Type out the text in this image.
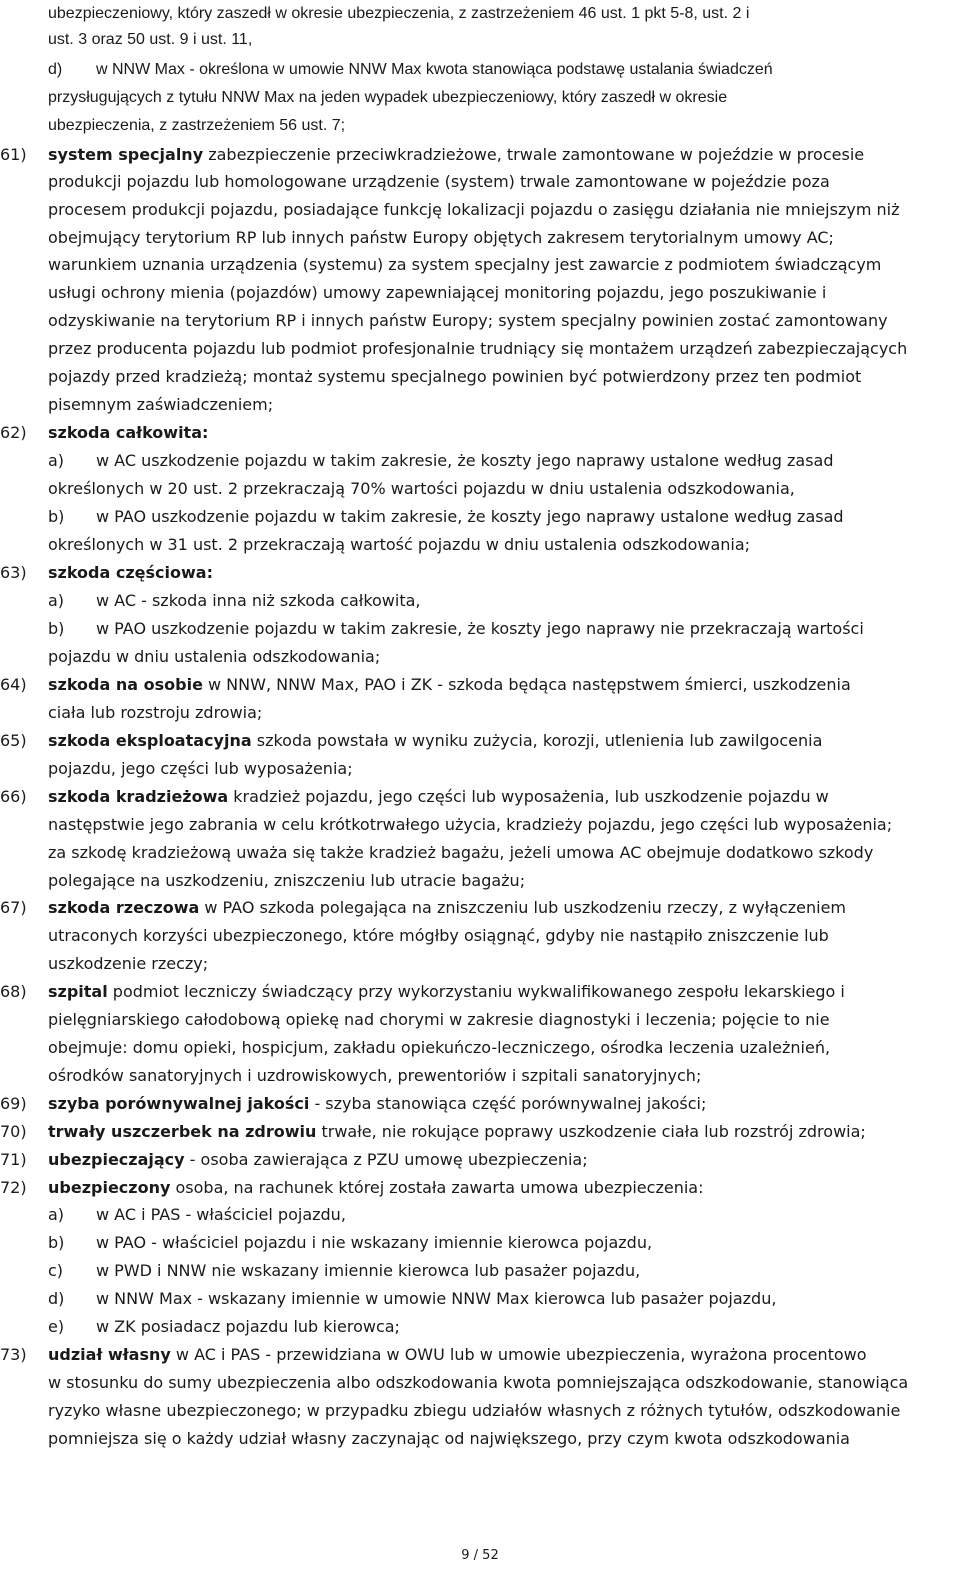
ubezpieczeniowy, który zaszedł w okresie ubezpieczenia, z zastrzeżeniem 46 ust. 1 pkt 5-8, ust. 2 i
ust. 3 oraz 50 ust. 9 i ust. 11,
d) w NNW Max - określona w umowie NNW Max kwota stanowiąca podstawę ustalania świadczeń
przysługujących z tytułu NNW Max na jeden wypadek ubezpieczeniowy, który zaszedł w okresie
ubezpieczenia, z zastrzeżeniem 56 ust. 7;
61) system specjalny zabezpieczenie przeciwkradzieżowe, trwale zamontowane w pojeździe w procesie
produkcji pojazdu lub homologowane urządzenie (system) trwale zamontowane w pojeździe poza
procesem produkcji pojazdu, posiadające funkcję lokalizacji pojazdu o zasięgu działania nie mniejszym niż
obejmujący terytorium RP lub innych państw Europy objętych zakresem terytorialnym umowy AC;
warunkiem uznania urządzenia (systemu) za system specjalny jest zawarcie z podmiotem świadczącym
usługi ochrony mienia (pojazdów) umowy zapewniającej monitoring pojazdu, jego poszukiwanie i
odzyskiwanie na terytorium RP i innych państw Europy; system specjalny powinien zostać zamontowany
przez producenta pojazdu lub podmiot profesjonalnie trudniący się montażem urządzeń zabezpieczających
pojazdy przed kradzieżą; montaż systemu specjalnego powinien być potwierdzony przez ten podmiot
pisemnym zaświadczeniem;
62) szkoda całkowita:
a) w AC uszkodzenie pojazdu w takim zakresie, że koszty jego naprawy ustalone według zasad
określonych w 20 ust. 2 przekraczają 70% wartości pojazdu w dniu ustalenia odszkodowania,
b) w PAO uszkodzenie pojazdu w takim zakresie, że koszty jego naprawy ustalone według zasad
określonych w 31 ust. 2 przekraczają wartość pojazdu w dniu ustalenia odszkodowania;
63) szkoda częściowa:
a) w AC - szkoda inna niż szkoda całkowita,
b) w PAO uszkodzenie pojazdu w takim zakresie, że koszty jego naprawy nie przekraczają wartości
pojazdu w dniu ustalenia odszkodowania;
64) szkoda na osobie w NNW, NNW Max, PAO i ZK - szkoda będąca następstwem śmierci, uszkodzenia
ciała lub rozstroju zdrowia;
65) szkoda eksploatacyjna szkoda powstała w wyniku zużycia, korozji, utlenienia lub zawilgocenia
pojazdu, jego części lub wyposażenia;
66) szkoda kradzieżowa kradzież pojazdu, jego części lub wyposażenia, lub uszkodzenie pojazdu w
następstwie jego zabrania w celu krótkotrwałego użycia, kradzieży pojazdu, jego części lub wyposażenia;
za szkodę kradzieżową uważa się także kradzież bagażu, jeżeli umowa AC obejmuje dodatkowo szkody
polegające na uszkodzeniu, zniszczeniu lub utracie bagażu;
67) szkoda rzeczowa w PAO szkoda polegająca na zniszczeniu lub uszkodzeniu rzeczy, z wyłączeniem
utraconych korzyści ubezpieczonego, które mógłby osiągnąć, gdyby nie nastąpiło zniszczenie lub
uszkodzenie rzeczy;
68) szpital podmiot leczniczy świadczący przy wykorzystaniu wykwalifikowanego zespołu lekarskiego i
pielęgniarskiego całodobową opiekę nad chorymi w zakresie diagnostyki i leczenia; pojęcie to nie
obejmuje: domu opieki, hospicjum, zakładu opiekuńczo-leczniczego, ośrodka leczenia uzależnień,
ośrodków sanatoryjnych i uzdrowiskowych, prewentoriów i szpitali sanatoryjnych;
69) szyba porównywalnej jakości - szyba stanowiąca część porównywalnej jakości;
70) trwały uszczerbek na zdrowiu trwałe, nie rokujące poprawy uszkodzenie ciała lub rozstrój zdrowia;
71) ubezpieczający - osoba zawierająca z PZU umowę ubezpieczenia;
72) ubezpieczony osoba, na rachunek której została zawarta umowa ubezpieczenia:
a) w AC i PAS - właściciel pojazdu,
b) w PAO - właściciel pojazdu i nie wskazany imiennie kierowca pojazdu,
c) w PWD i NNW nie wskazany imiennie kierowca lub pasażer pojazdu,
d) w NNW Max - wskazany imiennie w umowie NNW Max kierowca lub pasażer pojazdu,
e) w ZK posiadacz pojazdu lub kierowca;
73) udział własny w AC i PAS - przewidziana w OWU lub w umowie ubezpieczenia, wyrażona procentowo
w stosunku do sumy ubezpieczenia albo odszkodowania kwota pomniejszająca odszkodowanie, stanowiąca
ryzyko własne ubezpieczonego; w przypadku zbiegu udziałów własnych z różnych tytułów, odszkodowanie
pomniejsza się o każdy udział własny zaczynając od największego, przy czym kwota odszkodowania
9 / 52
